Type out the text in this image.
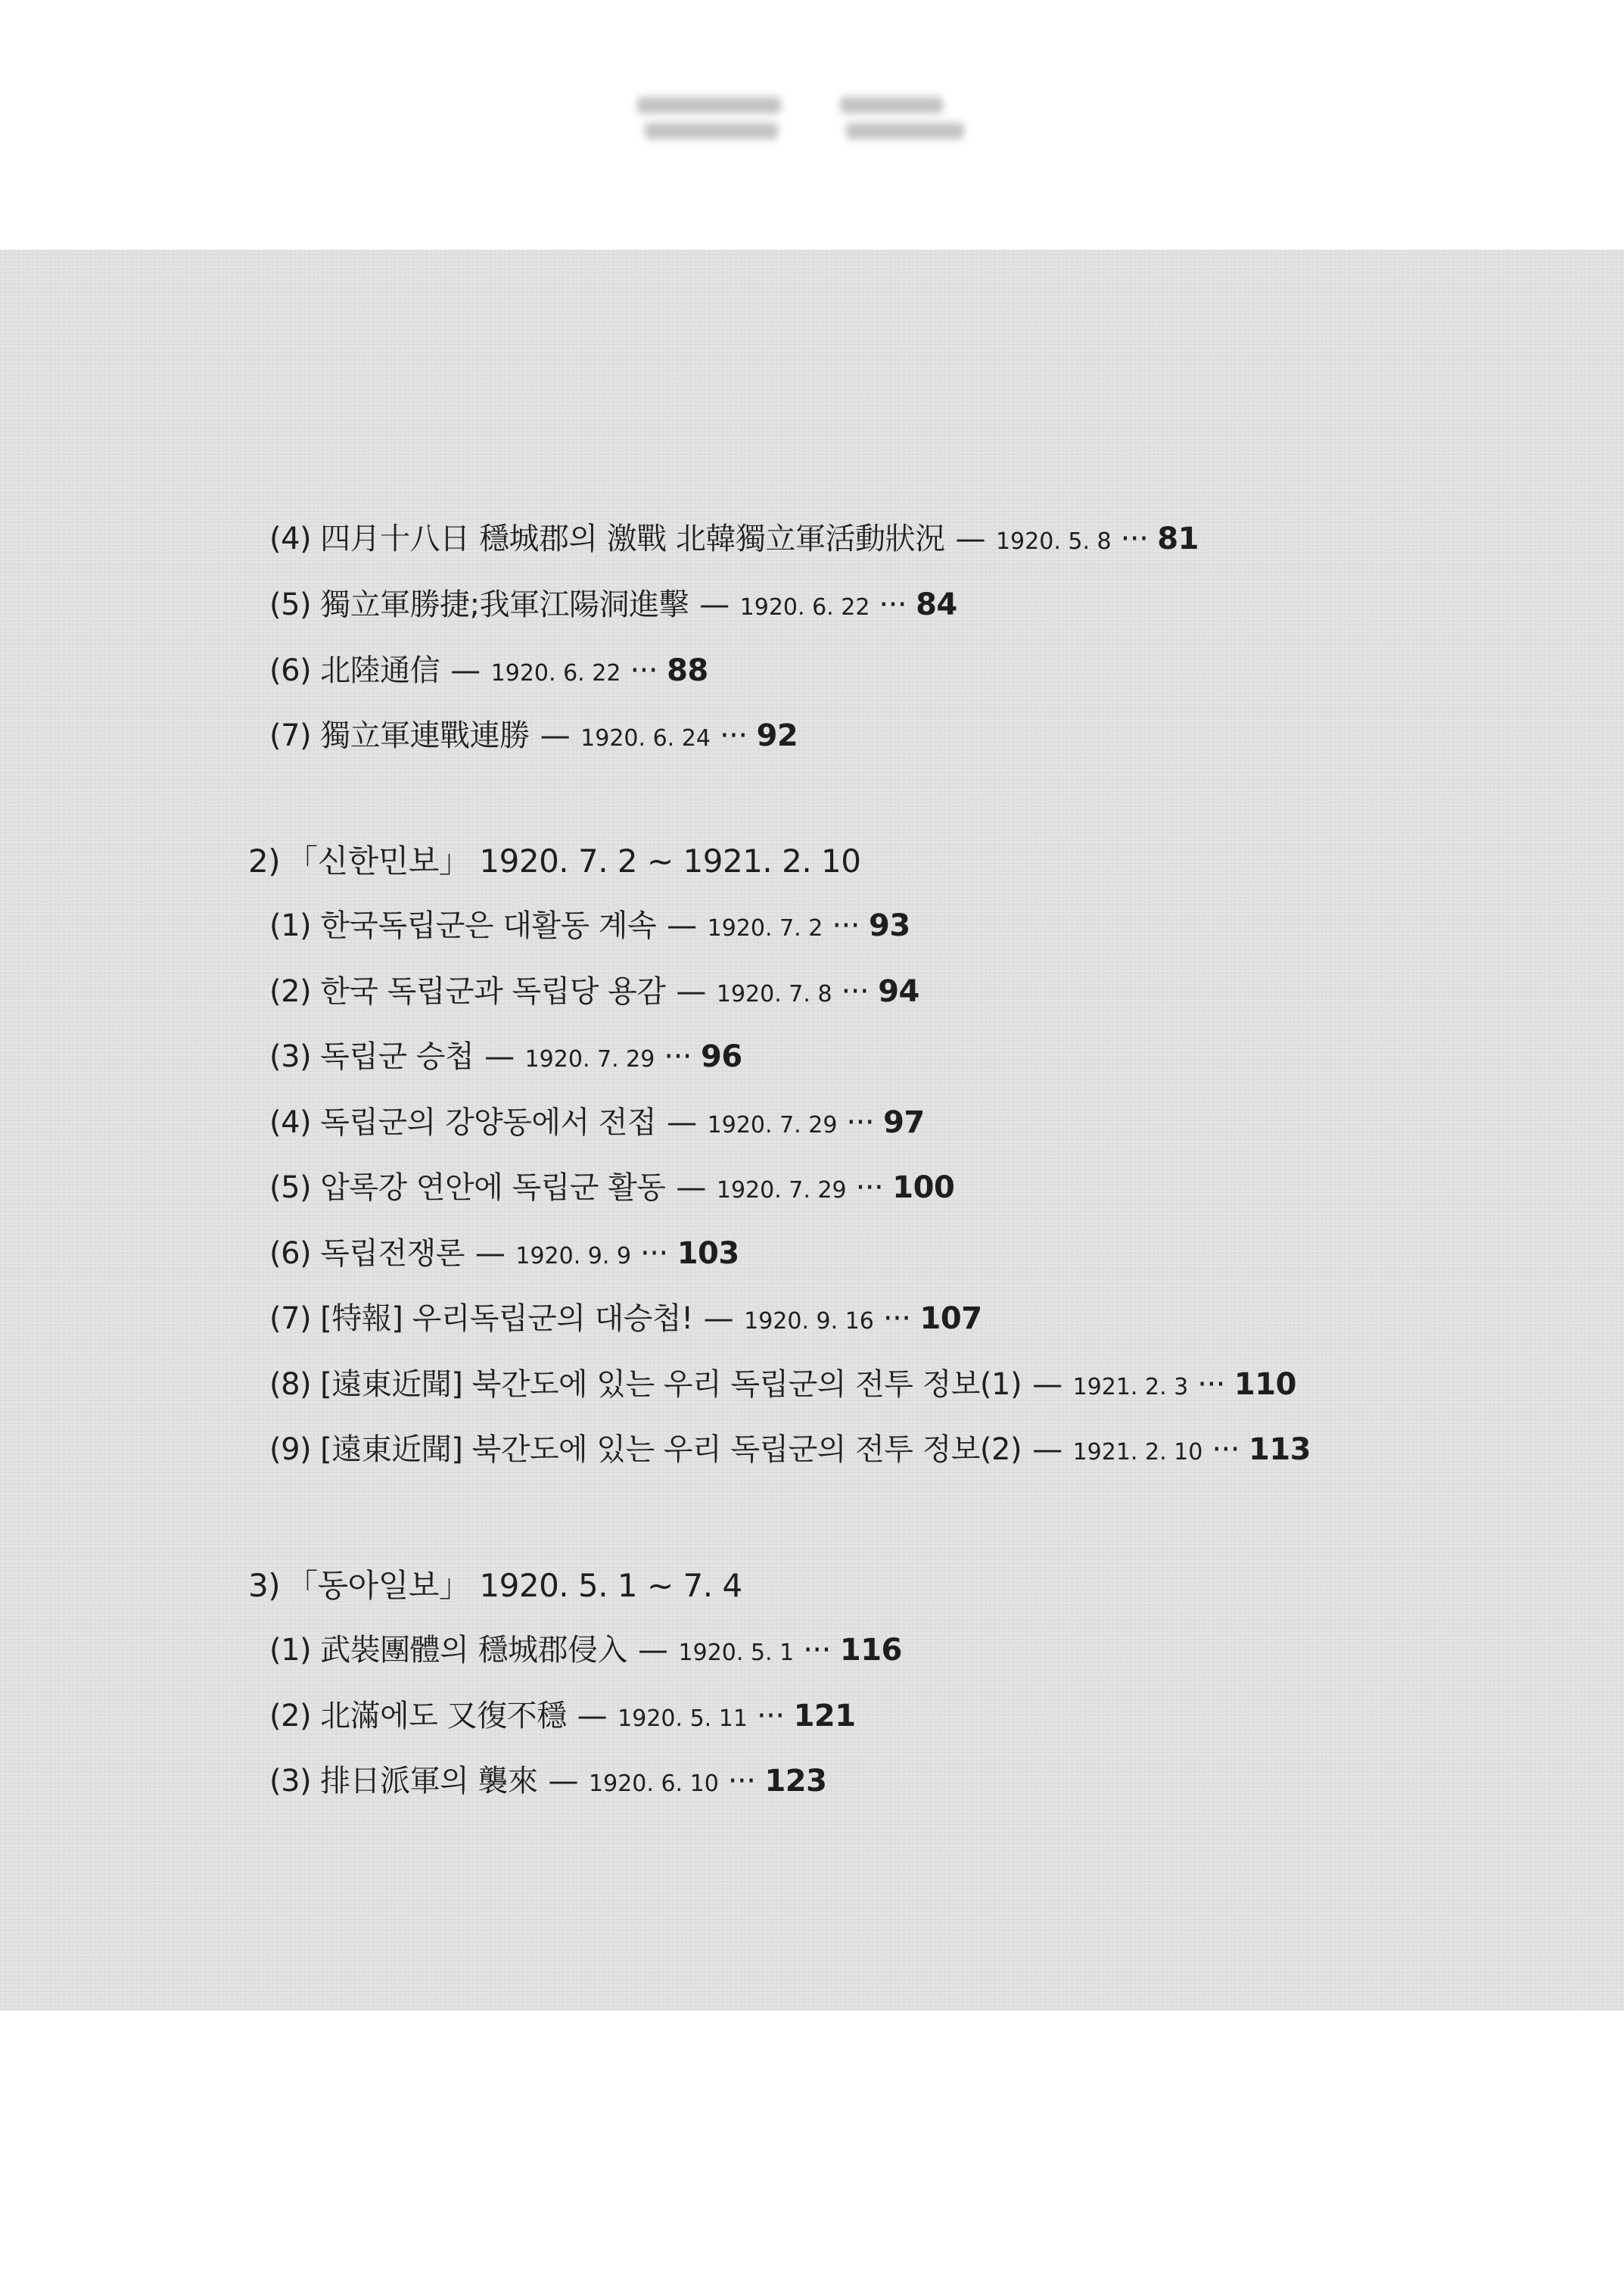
(4) 四月十八日 穩城郡의 激戰 北韓獨立軍活動狀況 — 1920. 5. 8 ··· 81
(5) 獨立軍勝捷;我軍江陽洞進擊 — 1920. 6. 22 ··· 84
(6) 北陸通信 — 1920. 6. 22 ··· 88
(7) 獨立軍連戰連勝 — 1920. 6. 24 ··· 92
2) 「신한민보」 1920. 7. 2 ~ 1921. 2. 10
(1) 한국독립군은 대활동 계속 — 1920. 7. 2 ··· 93
(2) 한국 독립군과 독립당 용감 — 1920. 7. 8 ··· 94
(3) 독립군 승첩 — 1920. 7. 29 ··· 96
(4) 독립군의 강양동에서 전접 — 1920. 7. 29 ··· 97
(5) 압록강 연안에 독립군 활동 — 1920. 7. 29 ··· 100
(6) 독립전쟁론 — 1920. 9. 9 ··· 103
(7) [特報] 우리독립군의 대승첩! — 1920. 9. 16 ··· 107
(8) [遠東近聞] 북간도에 있는 우리 독립군의 전투 정보(1) — 1921. 2. 3 ··· 110
(9) [遠東近聞] 북간도에 있는 우리 독립군의 전투 정보(2) — 1921. 2. 10 ··· 113
3) 「동아일보」 1920. 5. 1 ~ 7. 4
(1) 武裝團體의 穩城郡侵入 — 1920. 5. 1 ··· 116
(2) 北滿에도 又復不穩 — 1920. 5. 11 ··· 121
(3) 排日派軍의 襲來 — 1920. 6. 10 ··· 123
